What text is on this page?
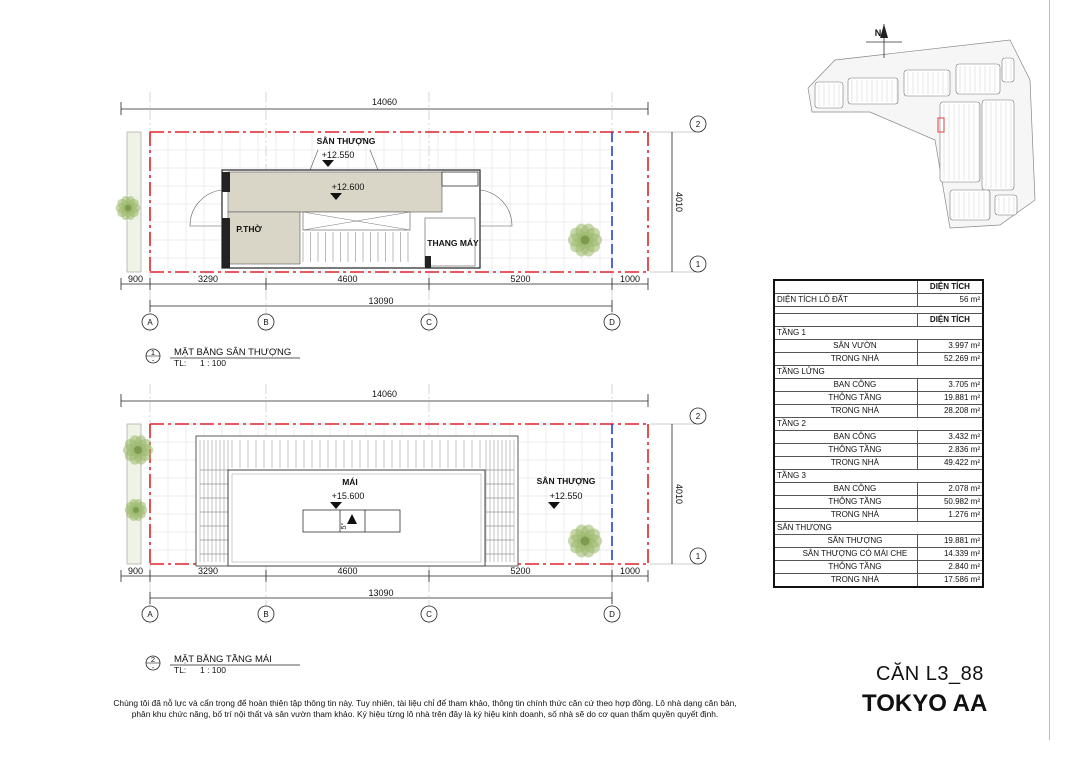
14060
2
1
4010
900	3290	4600	5200	1000
13090
A	B	C	D
SÂN THƯỢNG
+12.550
+12.600
P.THỜ
THANG MÁY
14060
2
1
4010
900	3290	4600	5200	1000
13090
A	B	C	D
5°
MÁI
+15.600
SÂN THƯỢNG
+12.550
1
-
MẶT BẰNG SÂN THƯỢNG
TL: 1 : 100
2
-
MẶT BẰNG TẦNG MÁI
TL: 1 : 100
N
	DIỆN TÍCH
DIỆN TÍCH LÔ ĐẤT	56 m²

	DIỆN TÍCH
TẦNG 1	
SÂN VƯỜN	3.997 m²
TRONG NHÀ	52.269 m²
TẦNG LỬNG	
BAN CÔNG	3.705 m²
THÔNG TẦNG	19.881 m²
TRONG NHÀ	28.208 m²
TẦNG 2	
BAN CÔNG	3.432 m²
THÔNG TẦNG	2.836 m²
TRONG NHÀ	49.422 m²
TẦNG 3	
BAN CÔNG	2.078 m²
THÔNG TẦNG	50.982 m²
TRONG NHÀ	1.276 m²
SÂN THƯỢNG	
SÂN THƯỢNG	19.881 m²
SÂN THƯỢNG CÓ MÁI CHE	14.339 m²
THÔNG TẦNG	2.840 m²
TRONG NHÀ	17.586 m²
CĂN L3_88
TOKYO AA
Chúng tôi đã nỗ lực và cẩn trọng để hoàn thiện tập thông tin này. Tuy nhiên, tài liệu chỉ để tham khảo, thông tin chính thức căn cứ theo hợp đồng. Lô nhà dạng căn bản,
phân khu chức năng, bố trí nội thất và sân vườn tham khảo. Ký hiệu từng lô nhà trên đây là ký hiệu kinh doanh, số nhà sẽ do cơ quan thẩm quyền quyết định.
